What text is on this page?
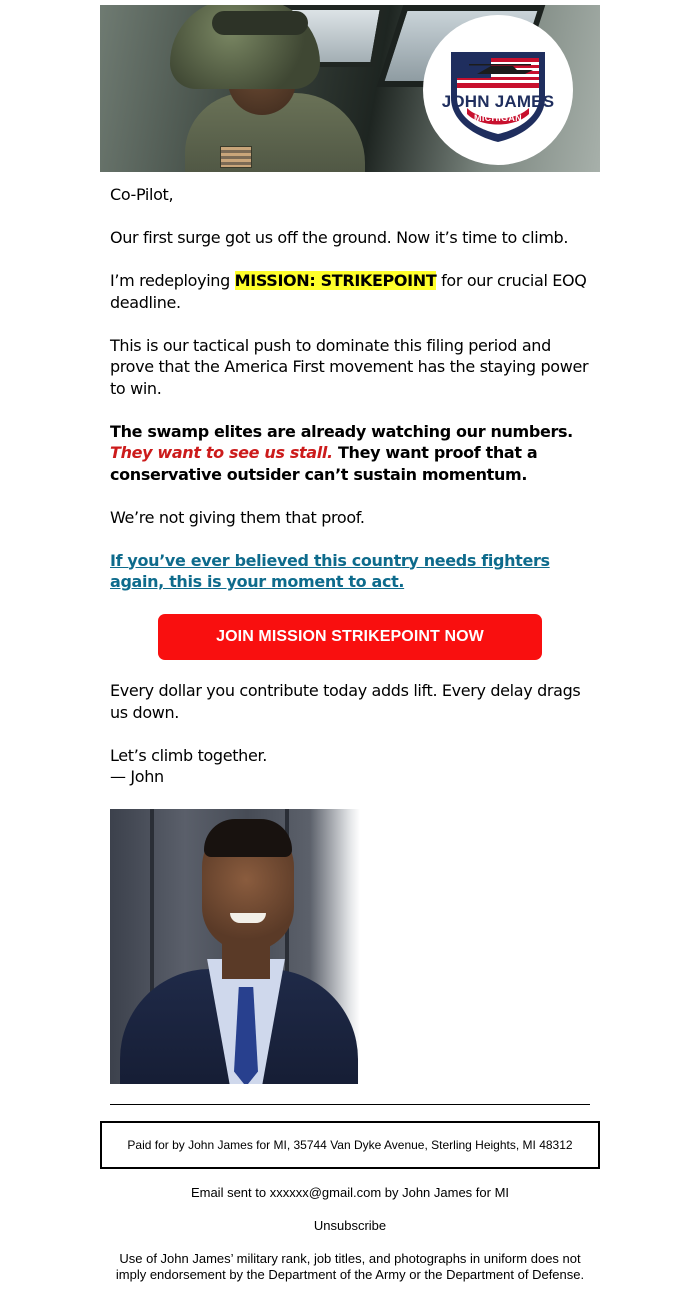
JOHN JAMES
MICHIGAN

Co-Pilot,

Our first surge got us off the ground. Now it’s time to climb.

I’m redeploying MISSION: STRIKEPOINT for our crucial EOQ deadline.

This is our tactical push to dominate this filing period and prove that the America First movement has the staying power to win.

The swamp elites are already watching our numbers. They want to see us stall. They want proof that a conservative outsider can’t sustain momentum.

We’re not giving them that proof.

If you’ve ever believed this country needs fighters again, this is your moment to act.

JOIN MISSION STRIKEPOINT NOW

Every dollar you contribute today adds lift. Every delay drags us down.

Let’s climb together.
— John
Paid for by John James for MI, 35744 Van Dyke Avenue, Sterling Heights, MI 48312
Email sent to xxxxxx@gmail.com by John James for MI
Unsubscribe
Use of John James’ military rank, job titles, and photographs in uniform does not imply endorsement by the Department of the Army or the Department of Defense.
